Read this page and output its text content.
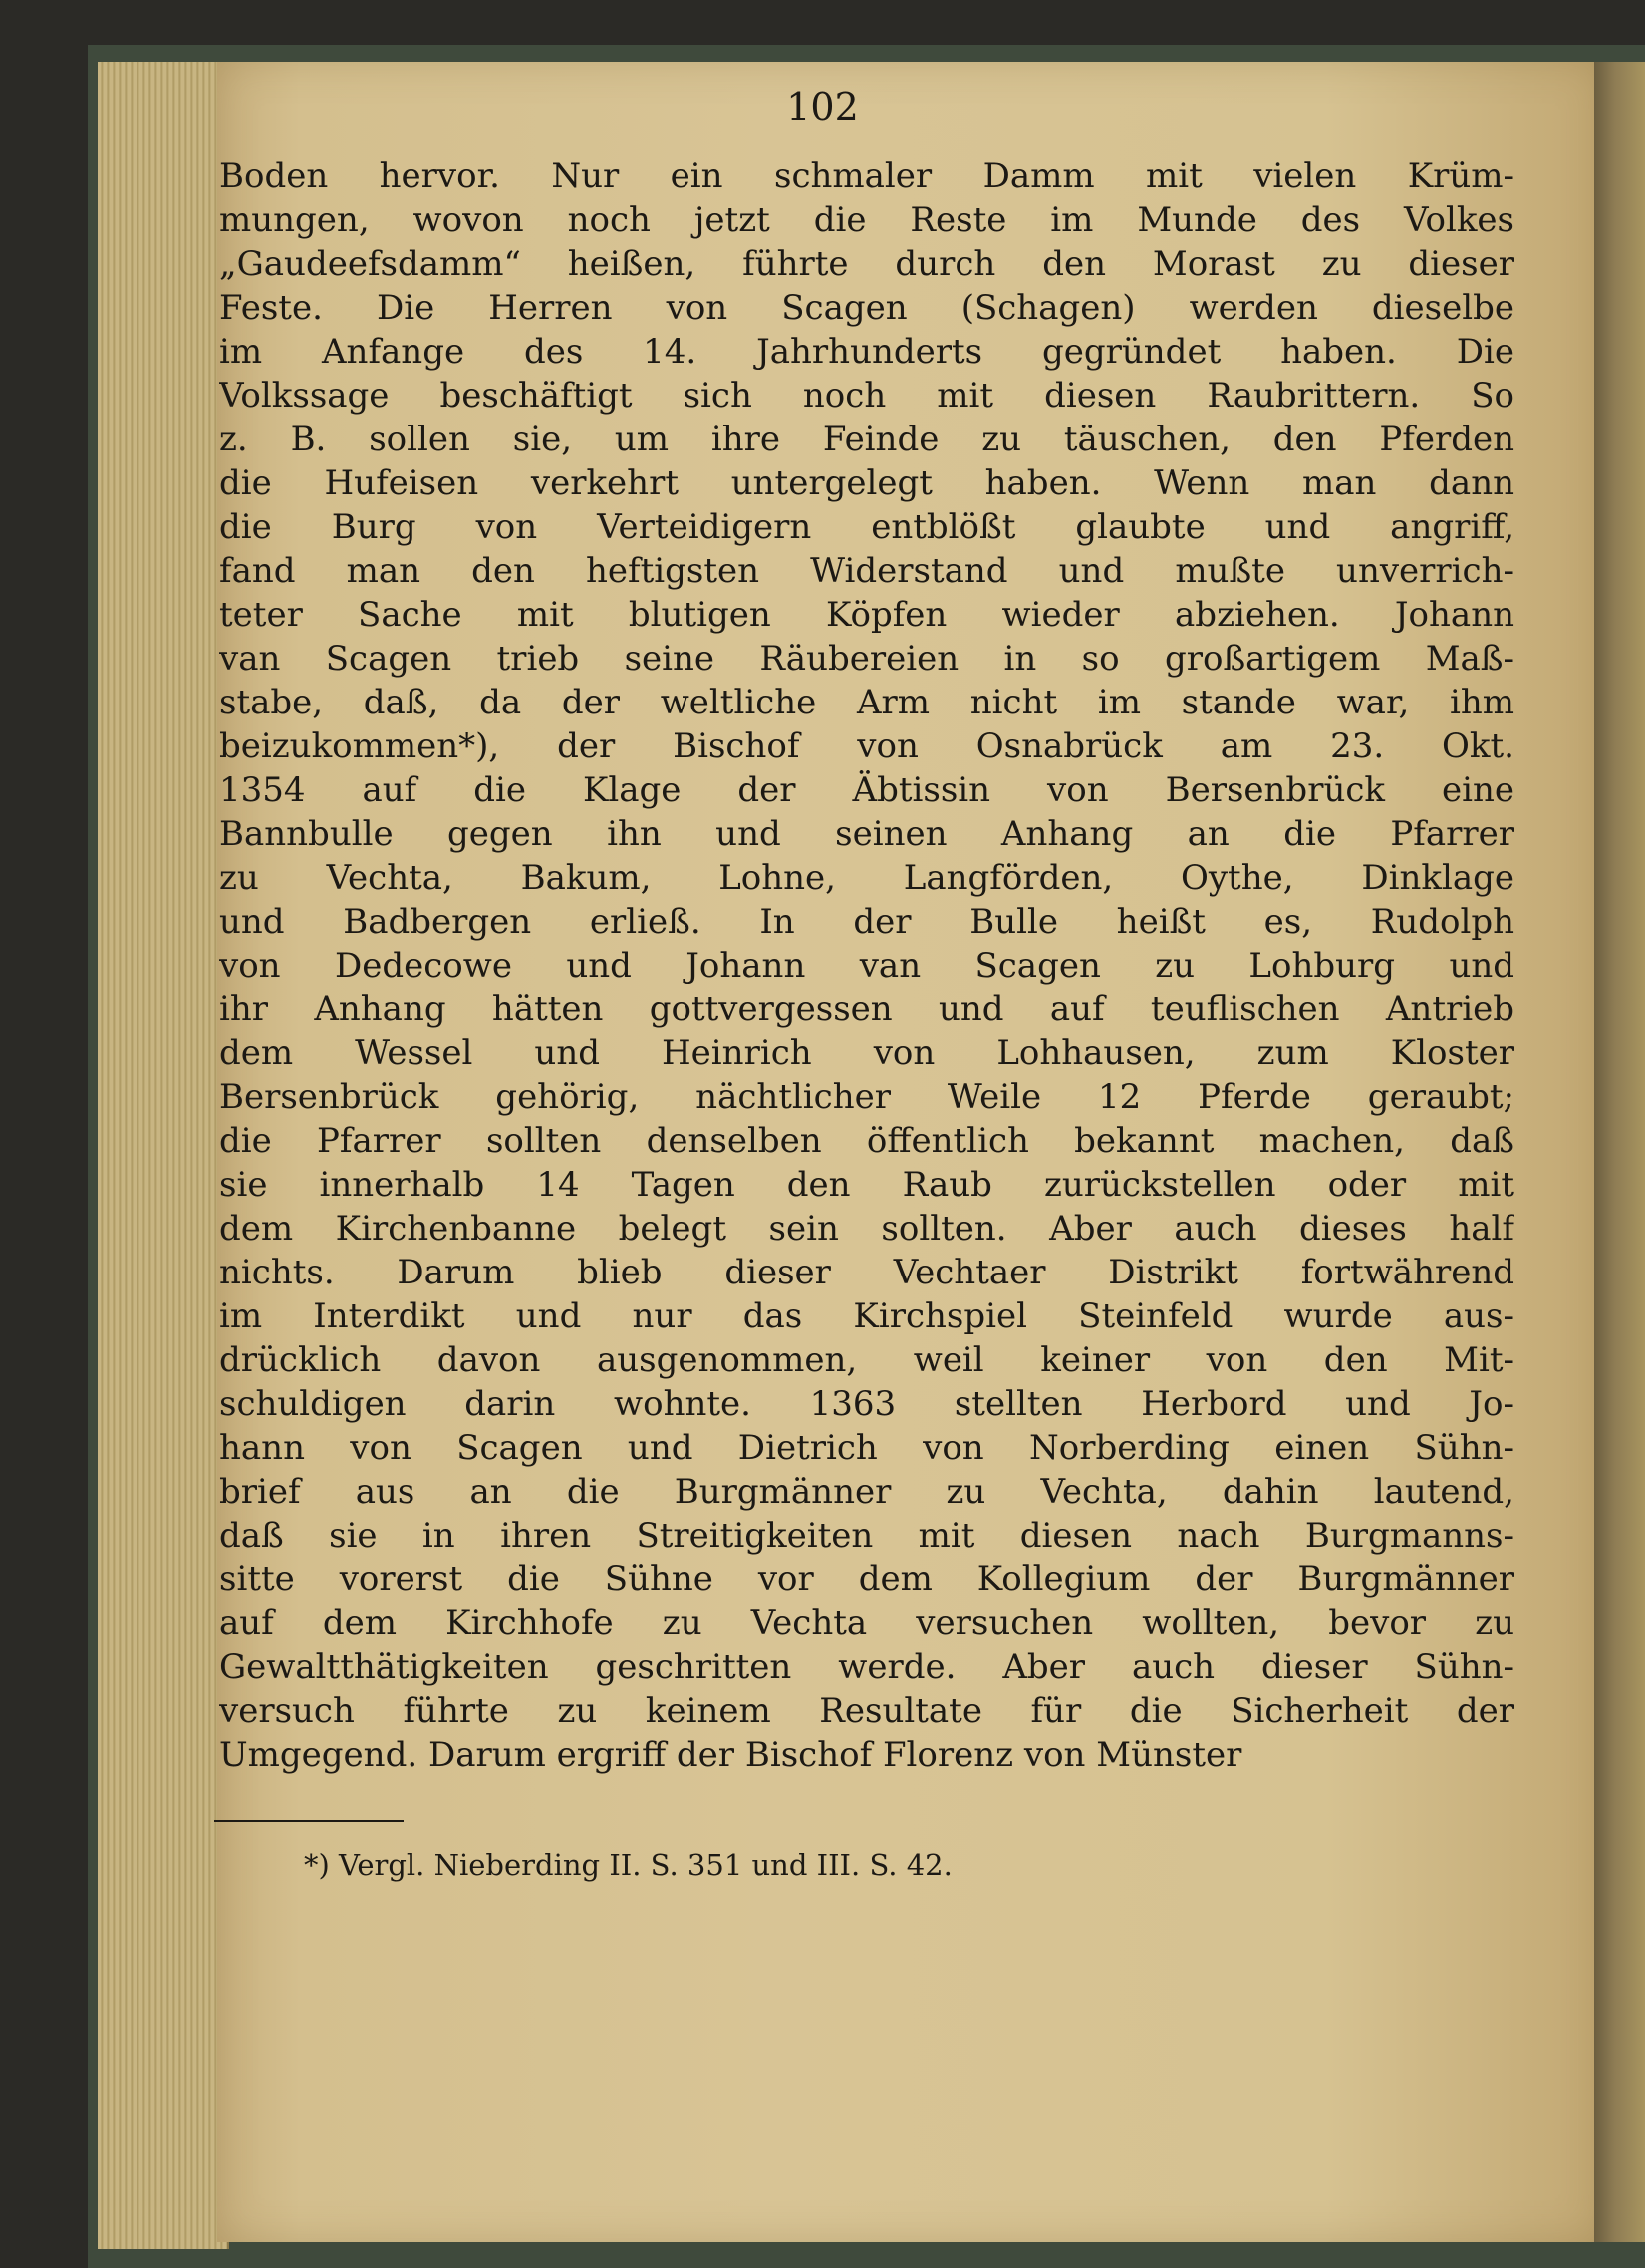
102
Boden hervor. Nur ein schmaler Damm mit vielen Krüm-
mungen, wovon noch jetzt die Reste im Munde des Volkes
„Gaudeefsdamm“ heißen, führte durch den Morast zu dieser
Feste. Die Herren von Scagen (Schagen) werden dieselbe
im Anfange des 14. Jahrhunderts gegründet haben. Die
Volkssage beschäftigt sich noch mit diesen Raubrittern. So
z. B. sollen sie, um ihre Feinde zu täuschen, den Pferden
die Hufeisen verkehrt untergelegt haben. Wenn man dann
die Burg von Verteidigern entblößt glaubte und angriff,
fand man den heftigsten Widerstand und mußte unverrich-
teter Sache mit blutigen Köpfen wieder abziehen. Johann
van Scagen trieb seine Räubereien in so großartigem Maß-
stabe, daß, da der weltliche Arm nicht im stande war, ihm
beizukommen*), der Bischof von Osnabrück am 23. Okt.
1354 auf die Klage der Äbtissin von Bersenbrück eine
Bannbulle gegen ihn und seinen Anhang an die Pfarrer
zu Vechta, Bakum, Lohne, Langförden, Oythe, Dinklage
und Badbergen erließ. In der Bulle heißt es, Rudolph
von Dedecowe und Johann van Scagen zu Lohburg und
ihr Anhang hätten gottvergessen und auf teuflischen Antrieb
dem Wessel und Heinrich von Lohhausen, zum Kloster
Bersenbrück gehörig, nächtlicher Weile 12 Pferde geraubt;
die Pfarrer sollten denselben öffentlich bekannt machen, daß
sie innerhalb 14 Tagen den Raub zurückstellen oder mit
dem Kirchenbanne belegt sein sollten. Aber auch dieses half
nichts. Darum blieb dieser Vechtaer Distrikt fortwährend
im Interdikt und nur das Kirchspiel Steinfeld wurde aus-
drücklich davon ausgenommen, weil keiner von den Mit-
schuldigen darin wohnte. 1363 stellten Herbord und Jo-
hann von Scagen und Dietrich von Norberding einen Sühn-
brief aus an die Burgmänner zu Vechta, dahin lautend,
daß sie in ihren Streitigkeiten mit diesen nach Burgmanns-
sitte vorerst die Sühne vor dem Kollegium der Burgmänner
auf dem Kirchhofe zu Vechta versuchen wollten, bevor zu
Gewaltthätigkeiten geschritten werde. Aber auch dieser Sühn-
versuch führte zu keinem Resultate für die Sicherheit der
Umgegend. Darum ergriff der Bischof Florenz von Münster
*) Vergl. Nieberding II. S. 351 und III. S. 42.
